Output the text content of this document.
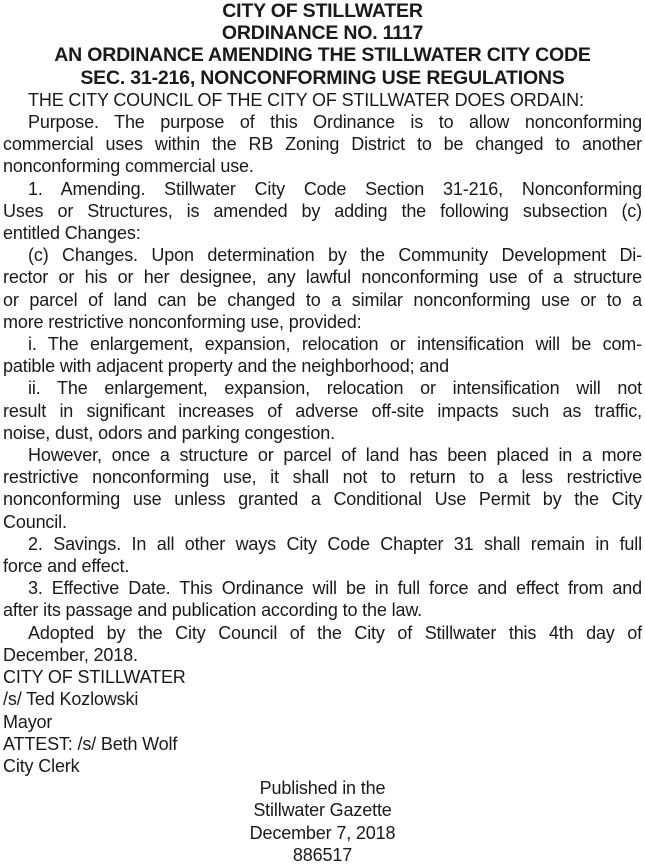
CITY OF STILLWATER
ORDINANCE NO. 1117
AN ORDINANCE AMENDING THE STILLWATER CITY CODE
SEC. 31-216, NONCONFORMING USE REGULATIONS
THE CITY COUNCIL OF THE CITY OF STILLWATER DOES ORDAIN:
Purpose. The purpose of this Ordinance is to allow nonconforming
commercial uses within the RB Zoning District to be changed to another
nonconforming commercial use.
1. Amending. Stillwater City Code Section 31-216, Nonconforming
Uses or Structures, is amended by adding the following subsection (c)
entitled Changes:
(c) Changes. Upon determination by the Community Development Di-
rector or his or her designee, any lawful nonconforming use of a structure
or parcel of land can be changed to a similar nonconforming use or to a
more restrictive nonconforming use, provided:
i. The enlargement, expansion, relocation or intensification will be com-
patible with adjacent property and the neighborhood; and
ii. The enlargement, expansion, relocation or intensification will not
result in significant increases of adverse off-site impacts such as traffic,
noise, dust, odors and parking congestion.
However, once a structure or parcel of land has been placed in a more
restrictive nonconforming use, it shall not to return to a less restrictive
nonconforming use unless granted a Conditional Use Permit by the City
Council.
2. Savings. In all other ways City Code Chapter 31 shall remain in full
force and effect.
3. Effective Date. This Ordinance will be in full force and effect from and
after its passage and publication according to the law.
Adopted by the City Council of the City of Stillwater this 4th day of
December, 2018.
CITY OF STILLWATER
/s/ Ted Kozlowski
Mayor
ATTEST: /s/ Beth Wolf
City Clerk
Published in the
Stillwater Gazette
December 7, 2018
886517
